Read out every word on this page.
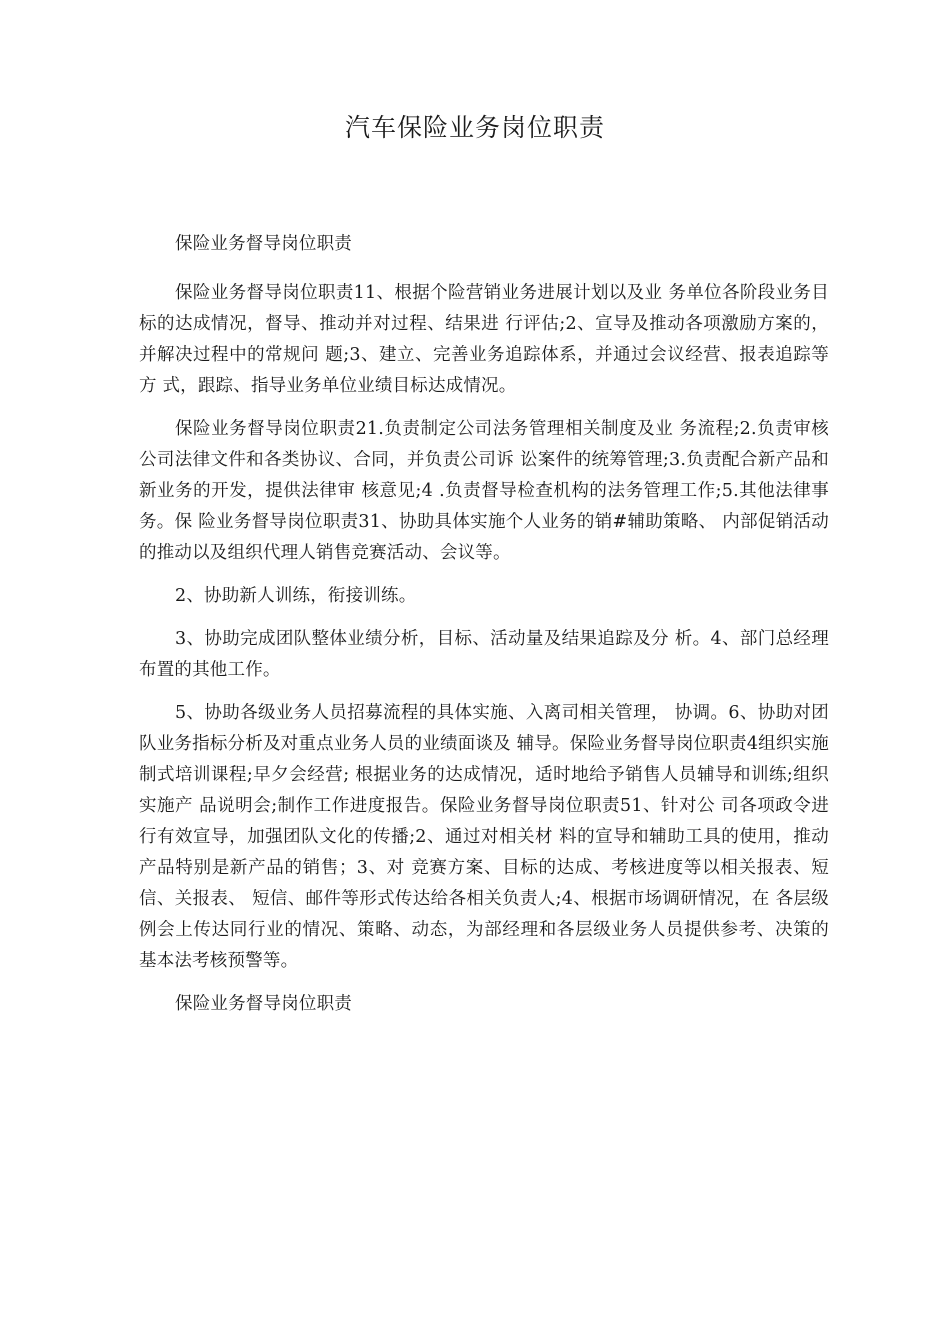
汽车保险业务岗位职责

保险业务督导岗位职责

保险业务督导岗位职责11、根据个险营销业务进展计划以及业 务单位各阶段业务目标的达成情况，督导、推动并对过程、结果进 行评估;2、宣导及推动各项激励方案的，并解决过程中的常规问 题;3、建立、完善业务追踪体系，并通过会议经营、报表追踪等方 式，跟踪、指导业务单位业绩目标达成情况。

保险业务督导岗位职责21.负责制定公司法务管理相关制度及业 务流程;2.负责审核公司法律文件和各类协议、合同，并负责公司诉 讼案件的统筹管理;3.负责配合新产品和新业务的开发，提供法律审 核意见;4 .负责督导检查机构的法务管理工作;5.其他法律事务。保 险业务督导岗位职责31、协助具体实施个人业务的销#辅助策略、 内部促销活动的推动以及组织代理人销售竞赛活动、会议等。

2、协助新人训练，衔接训练。

3、协助完成团队整体业绩分析，目标、活动量及结果追踪及分 析。4、部门总经理布置的其他工作。

5、协助各级业务人员招募流程的具体实施、入离司相关管理， 协调。6、协助对团队业务指标分析及对重点业务人员的业绩面谈及 辅导。保险业务督导岗位职责4组织实施制式培训课程;早夕会经营; 根据业务的达成情况，适时地给予销售人员辅导和训练;组织实施产 品说明会;制作工作进度报告。保险业务督导岗位职责51、针对公 司各项政令进行有效宣导，加强团队文化的传播;2、通过对相关材 料的宣导和辅助工具的使用，推动产品特别是新产品的销售；3、对 竞赛方案、目标的达成、考核进度等以相关报表、短信、关报表、 短信、邮件等形式传达给各相关负责人;4、根据市场调研情况，在 各层级例会上传达同行业的情况、策略、动态，为部经理和各层级业务人员提供参考、决策的基本法考核预警等。

保险业务督导岗位职责
